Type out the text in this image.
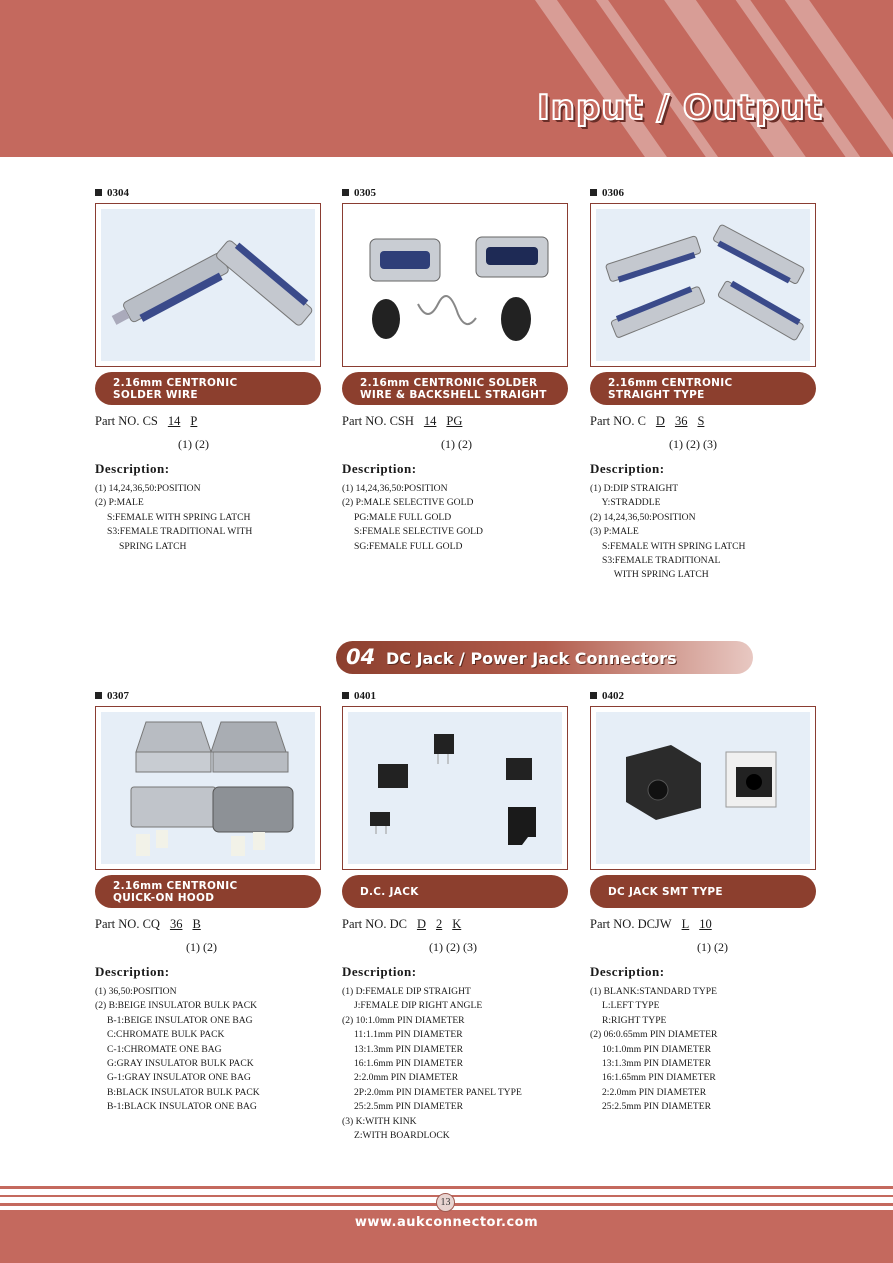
Input / Output
0304
2.16mm CENTRONIC
SOLDER WIRE
Part NO. CS 14 P
(1) (2)
Description:
(1) 14,24,36,50:POSITION
(2) P:MALE
S:FEMALE WITH SPRING LATCH
S3:FEMALE TRADITIONAL WITH
SPRING LATCH
0305
2.16mm CENTRONIC SOLDER
WIRE & BACKSHELL STRAIGHT
Part NO. CSH 14 PG
(1) (2)
Description:
(1) 14,24,36,50:POSITION
(2) P:MALE SELECTIVE GOLD
PG:MALE FULL GOLD
S:FEMALE SELECTIVE GOLD
SG:FEMALE FULL GOLD
0306
2.16mm CENTRONIC
STRAIGHT TYPE
Part NO. C D 36 S
(1) (2) (3)
Description:
(1) D:DIP STRAIGHT
Y:STRADDLE
(2) 14,24,36,50:POSITION
(3) P:MALE
S:FEMALE WITH SPRING LATCH
S3:FEMALE TRADITIONAL
WITH SPRING LATCH
04 DC Jack / Power Jack Connectors
0307
2.16mm CENTRONIC
QUICK-ON HOOD
Part NO. CQ 36 B
(1) (2)
Description:
(1) 36,50:POSITION
(2) B:BEIGE INSULATOR BULK PACK
B-1:BEIGE INSULATOR ONE BAG
C:CHROMATE BULK PACK
C-1:CHROMATE ONE BAG
G:GRAY INSULATOR BULK PACK
G-1:GRAY INSULATOR ONE BAG
B:BLACK INSULATOR BULK PACK
B-1:BLACK INSULATOR ONE BAG
0401
D.C. JACK
Part NO. DC D 2 K
(1) (2) (3)
Description:
(1) D:FEMALE DIP STRAIGHT
J:FEMALE DIP RIGHT ANGLE
(2) 10:1.0mm PIN DIAMETER
11:1.1mm PIN DIAMETER
13:1.3mm PIN DIAMETER
16:1.6mm PIN DIAMETER
2:2.0mm PIN DIAMETER
2P:2.0mm PIN DIAMETER PANEL TYPE
25:2.5mm PIN DIAMETER
(3) K:WITH KINK
Z:WITH BOARDLOCK
0402
DC JACK SMT TYPE
Part NO. DCJW L 10
(1) (2)
Description:
(1) BLANK:STANDARD TYPE
L:LEFT TYPE
R:RIGHT TYPE
(2) 06:0.65mm PIN DIAMETER
10:1.0mm PIN DIAMETER
13:1.3mm PIN DIAMETER
16:1.65mm PIN DIAMETER
2:2.0mm PIN DIAMETER
25:2.5mm PIN DIAMETER
13
www.aukconnector.com
